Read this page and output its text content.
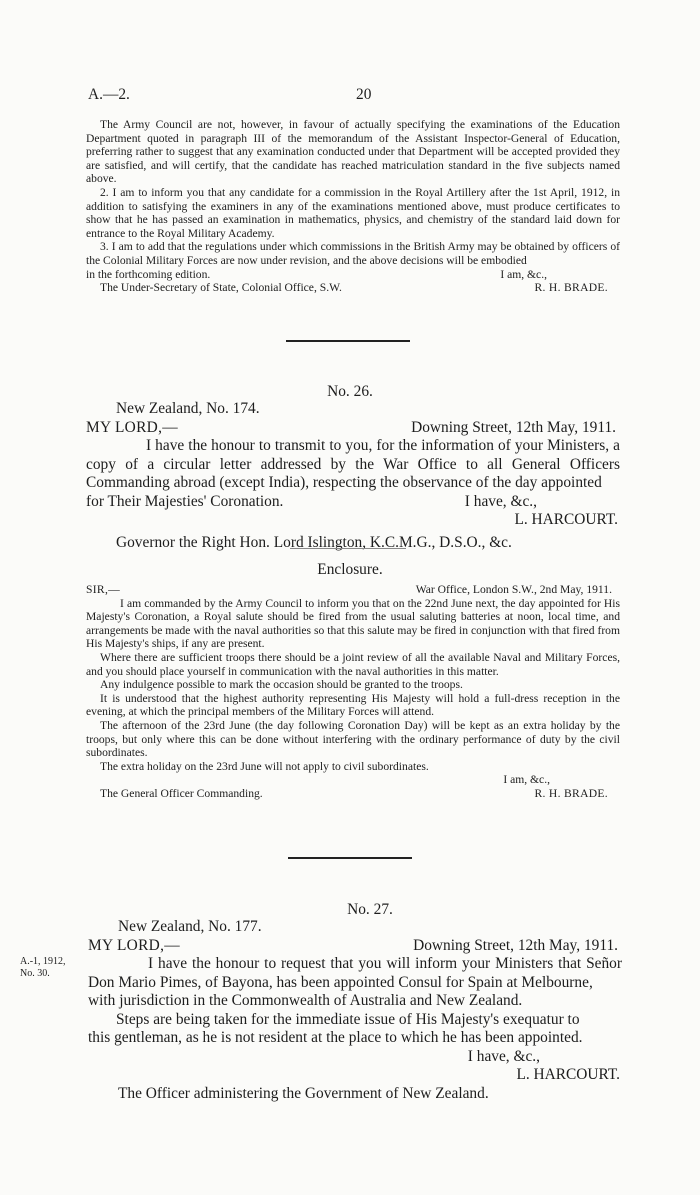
A.—2.	20

The Army Council are not, however, in favour of actually specifying the examinations of the Education Department quoted in paragraph III of the memorandum of the Assistant Inspector-General of Education, preferring rather to suggest that any examination conducted under that Department will be accepted provided they are satisfied, and will certify, that the candidate has reached matriculation standard in the five subjects named above.

2. I am to inform you that any candidate for a commission in the Royal Artillery after the 1st April, 1912, in addition to satisfying the examiners in any of the examinations mentioned above, must produce certificates to show that he has passed an examination in mathematics, physics, and chemistry of the standard laid down for entrance to the Royal Military Academy.

3. I am to add that the regulations under which commissions in the British Army may be obtained by officers of the Colonial Military Forces are now under revision, and the above decisions will be embodied

in the forthcoming edition.	I am, &c.,
The Under-Secretary of State, Colonial Office, S.W.	R. H. BRADE.
No. 26.
New Zealand, No. 174.
MY LORD,—	Downing Street, 12th May, 1911.

I have the honour to transmit to you, for the information of your Ministers, a copy of a circular letter addressed by the War Office to all General Officers Commanding abroad (except India), respecting the observance of the day appointed

for Their Majesties' Coronation.	I have, &c.,
L. HARCOURT.
Governor the Right Hon. Lord Islington, K.C.M.G., D.S.O., &c.
Enclosure.
SIR,—	War Office, London S.W., 2nd May, 1911.

I am commanded by the Army Council to inform you that on the 22nd June next, the day appointed for His Majesty's Coronation, a Royal salute should be fired from the usual saluting batteries at noon, local time, and arrangements be made with the naval authorities so that this salute may be fired in conjunction with that fired from His Majesty's ships, if any are present.

Where there are sufficient troops there should be a joint review of all the available Naval and Military Forces, and you should place yourself in communication with the naval authorities in this matter.

Any indulgence possible to mark the occasion should be granted to the troops.

It is understood that the highest authority representing His Majesty will hold a full-dress reception in the evening, at which the principal members of the Military Forces will attend.

The afternoon of the 23rd June (the day following Coronation Day) will be kept as an extra holiday by the troops, but only where this can be done without interfering with the ordinary performance of duty by the civil subordinates.

The extra holiday on the 23rd June will not apply to civil subordinates.

I am, &c.,
The General Officer Commanding.	R. H. BRADE.
No. 27.
A.-1, 1912,
No. 30.
New Zealand, No. 177.
MY LORD,—	Downing Street, 12th May, 1911.

I have the honour to request that you will inform your Ministers that Señor Don Mario Pimes, of Bayona, has been appointed Consul for Spain at Melbourne,

with jurisdiction in the Commonwealth of Australia and New Zealand.

Steps are being taken for the immediate issue of His Majesty's exequatur to

this gentleman, as he is not resident at the place to which he has been appointed.
I have, &c.,
L. HARCOURT.
The Officer administering the Government of New Zealand.
